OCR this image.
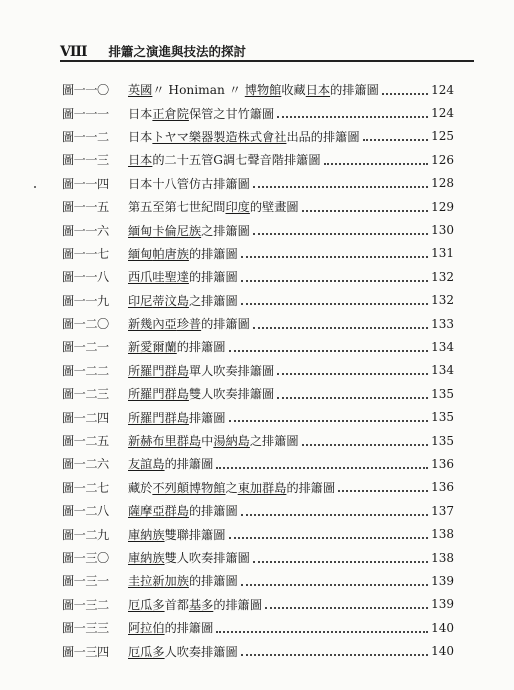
VIII 排簫之演進與技法的探討
圖一一〇	英國〃 Honiman 〃 博物館收藏日本的排簫圖	124
圖一一一	日本正倉院保管之甘竹簫圖	124
圖一一二	日本トヤマ樂器製造株式會社出品的排簫圖	125
圖一一三	日本的二十五管G調七聲音階排簫圖	126
圖一一四	日本十八管仿古排簫圖	128
圖一一五	第五至第七世紀間印度的壁畫圖	129
圖一一六	緬甸卡倫尼族之排簫圖	130
圖一一七	緬甸帕唐族的排簫圖	131
圖一一八	西爪哇聖達的排簫圖	132
圖一一九	印尼蒂汶島之排簫圖	132
圖一二〇	新幾內亞珍普的排簫圖	133
圖一二一	新愛爾蘭的排簫圖	134
圖一二二	所羅門群島單人吹奏排簫圖	134
圖一二三	所羅門群島雙人吹奏排簫圖	135
圖一二四	所羅門群島排簫圖	135
圖一二五	新赫布里群島中湯納島之排簫圖	135
圖一二六	友誼島的排簫圖	136
圖一二七	藏於不列顛博物館之東加群島的排簫圖	136
圖一二八	薩摩亞群島的排簫圖	137
圖一二九	庫納族雙聯排簫圖	138
圖一三〇	庫納族雙人吹奏排簫圖	138
圖一三一	圭拉新加族的排簫圖	139
圖一三二	厄瓜多首都基多的排簫圖	139
圖一三三	阿拉伯的排簫圖	140
圖一三四	厄瓜多人吹奏排簫圖	140
